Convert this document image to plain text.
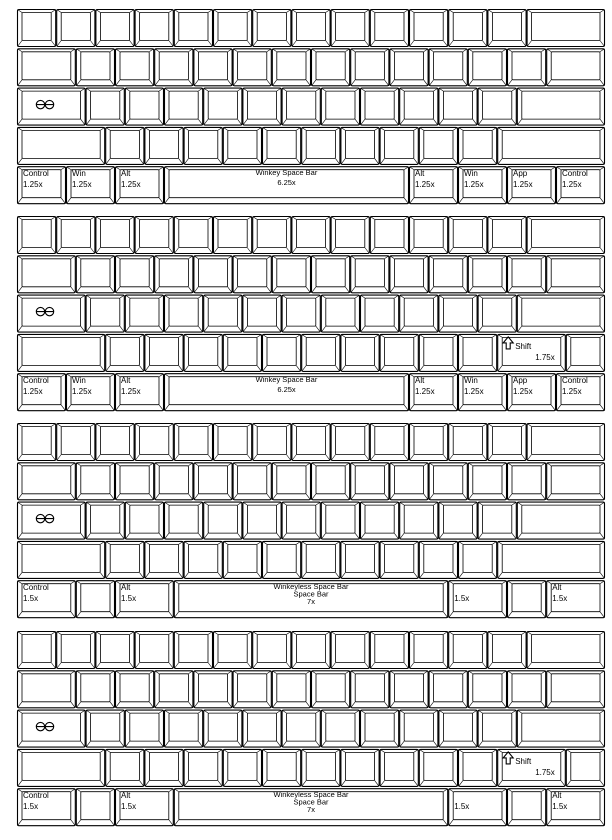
Control
1.25x
Win
1.25x
Alt
1.25x
Winkey Space Bar
6.25x
Alt
1.25x
Win
1.25x
App
1.25x
Control
1.25x
Shift
1.75x
Control
1.25x
Win
1.25x
Alt
1.25x
Winkey Space Bar
6.25x
Alt
1.25x
Win
1.25x
App
1.25x
Control
1.25x
Control
1.5x
Alt
1.5x
Winkeyless Space Bar
Space Bar
7x	1.5x
Alt
1.5x
Shift
1.75x
Control
1.5x
Alt
1.5x
Winkeyless Space Bar
Space Bar
7x	1.5x
Alt
1.5x
